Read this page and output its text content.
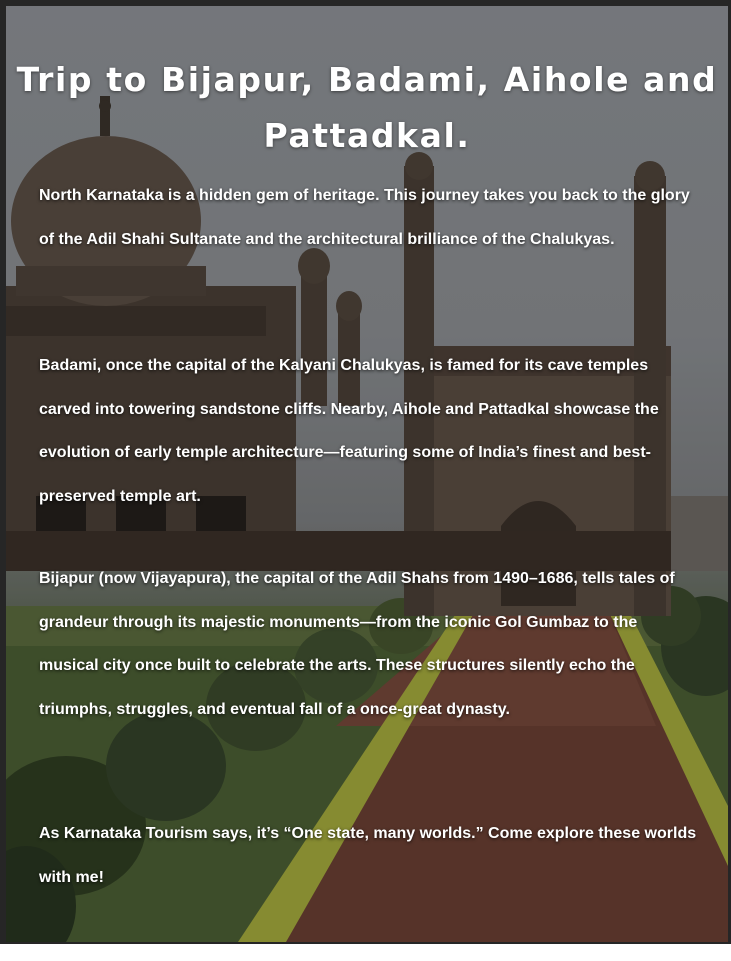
Trip to Bijapur, Badami, Aihole and Pattadkal.
North Karnataka is a hidden gem of heritage. This journey takes you back to the glory of the Adil Shahi Sultanate and the architectural brilliance of the Chalukyas.
Badami, once the capital of the Kalyani Chalukyas, is famed for its cave temples carved into towering sandstone cliffs. Nearby, Aihole and Pattadkal showcase the evolution of early temple architecture—featuring some of India’s finest and best-preserved temple art.
Bijapur (now Vijayapura), the capital of the Adil Shahs from 1490–1686, tells tales of grandeur through its majestic monuments—from the iconic Gol Gumbaz to the musical city once built to celebrate the arts. These structures silently echo the triumphs, struggles, and eventual fall of a once-great dynasty.
As Karnataka Tourism says, it’s “One state, many worlds.” Come explore these worlds with me!
